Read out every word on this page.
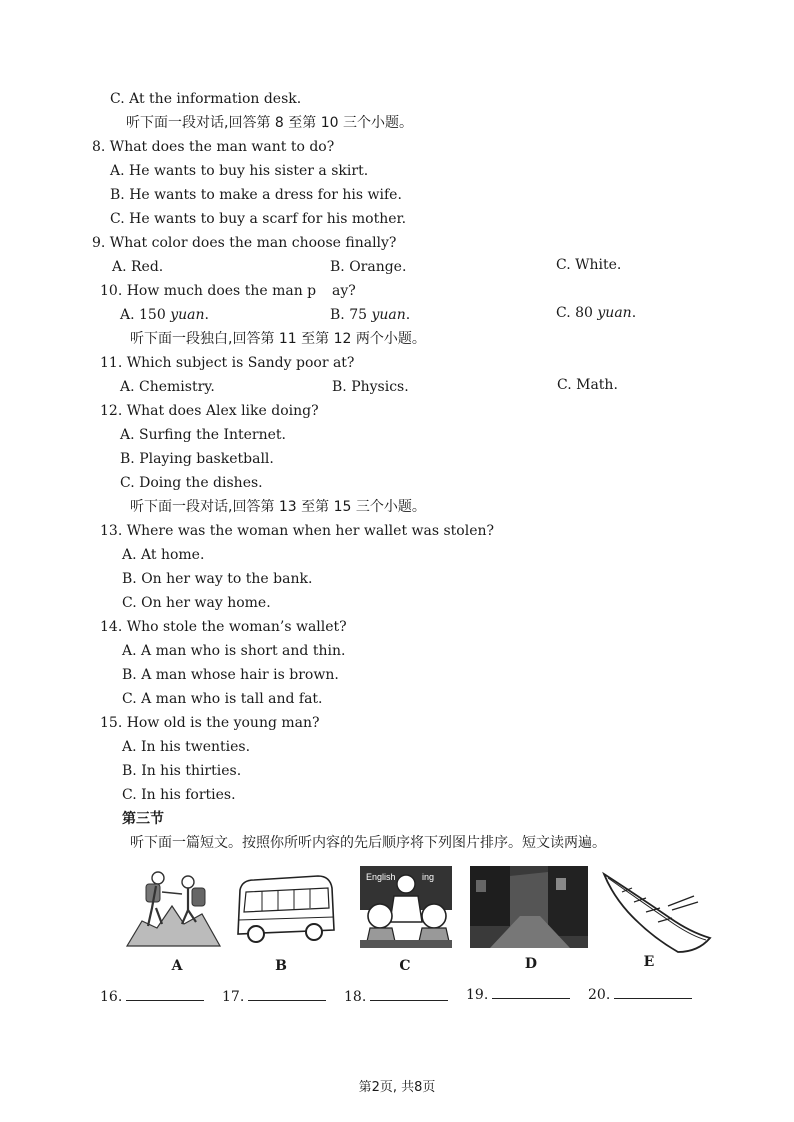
C. At the information desk.
听下面一段对话,回答第 8 至第 10 三个小题。
8. What does the man want to do?
A. He wants to buy his sister a skirt.
B. He wants to make a dress for his wife.
C. He wants to buy a scarf for his mother.
9. What color does the man choose finally?
A. Red.	B. Orange.	C. White.
10. How much does the man p ay?
A. 150 yuan.	B. 75 yuan.	C. 80 yuan.
听下面一段独白,回答第 11 至第 12 两个小题。
11. Which subject is Sandy poor at?
A. Chemistry.	B. Physics.	C. Math.
12. What does Alex like doing?
A. Surfing the Internet.
B. Playing basketball.
C. Doing the dishes.
听下面一段对话,回答第 13 至第 15 三个小题。
13. Where was the woman when her wallet was stolen?
A. At home.
B. On her way to the bank.
C. On her way home.
14. Who stole the woman’s wallet?
A. A man who is short and thin.
B. A man whose hair is brown.
C. A man who is tall and fat.
15. How old is the young man?
A. In his twenties.
B. In his thirties.
C. In his forties.
第三节
听下面一篇短文。按照你所听内容的先后顺序将下列图片排序。短文读两遍。
A	B
English	ing
C	D	E
16.	17.	18.	19.	20.
第2页, 共8页
